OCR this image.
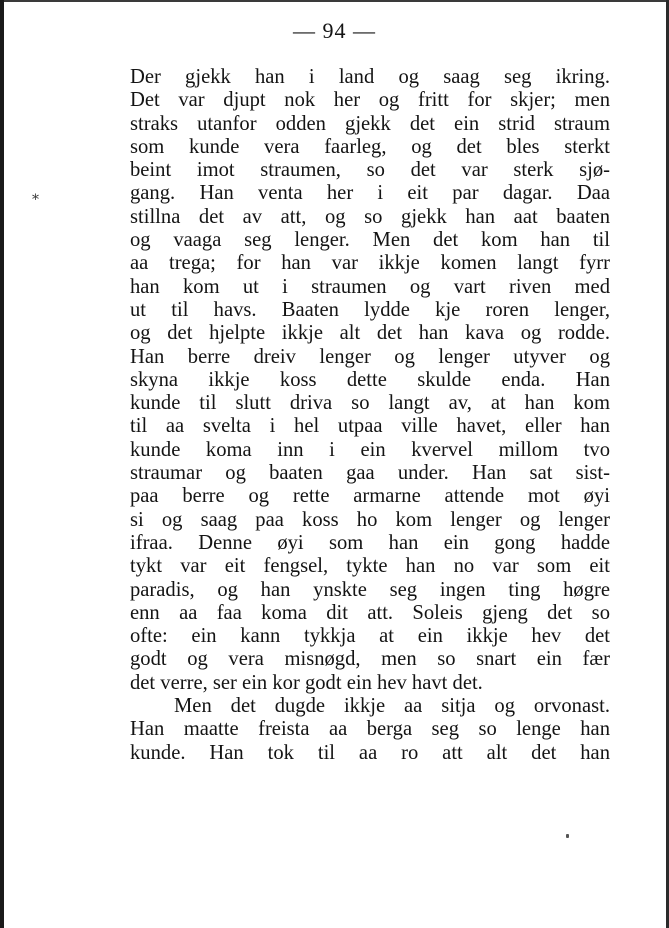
— 94 —
*
Der gjekk han i land og saag seg ikring.
Det var djupt nok her og fritt for skjer; men
straks utanfor odden gjekk det ein strid straum
som kunde vera faarleg, og det bles sterkt
beint imot straumen, so det var sterk sjø-
gang. Han venta her i eit par dagar. Daa
stillna det av att, og so gjekk han aat baaten
og vaaga seg lenger. Men det kom han til
aa trega; for han var ikkje komen langt fyrr
han kom ut i straumen og vart riven med
ut til havs. Baaten lydde kje roren lenger,
og det hjelpte ikkje alt det han kava og rodde.
Han berre dreiv lenger og lenger utyver og
skyna ikkje koss dette skulde enda. Han
kunde til slutt driva so langt av, at han kom
til aa svelta i hel utpaa ville havet, eller han
kunde koma inn i ein kvervel millom tvo
straumar og baaten gaa under. Han sat sist-
paa berre og rette armarne attende mot øyi
si og saag paa koss ho kom lenger og lenger
ifraa. Denne øyi som han ein gong hadde
tykt var eit fengsel, tykte han no var som eit
paradis, og han ynskte seg ingen ting høgre
enn aa faa koma dit att. Soleis gjeng det so
ofte: ein kann tykkja at ein ikkje hev det
godt og vera misnøgd, men so snart ein fær
det verre, ser ein kor godt ein hev havt det.
Men det dugde ikkje aa sitja og orvonast.
Han maatte freista aa berga seg so lenge han
kunde. Han tok til aa ro att alt det han
